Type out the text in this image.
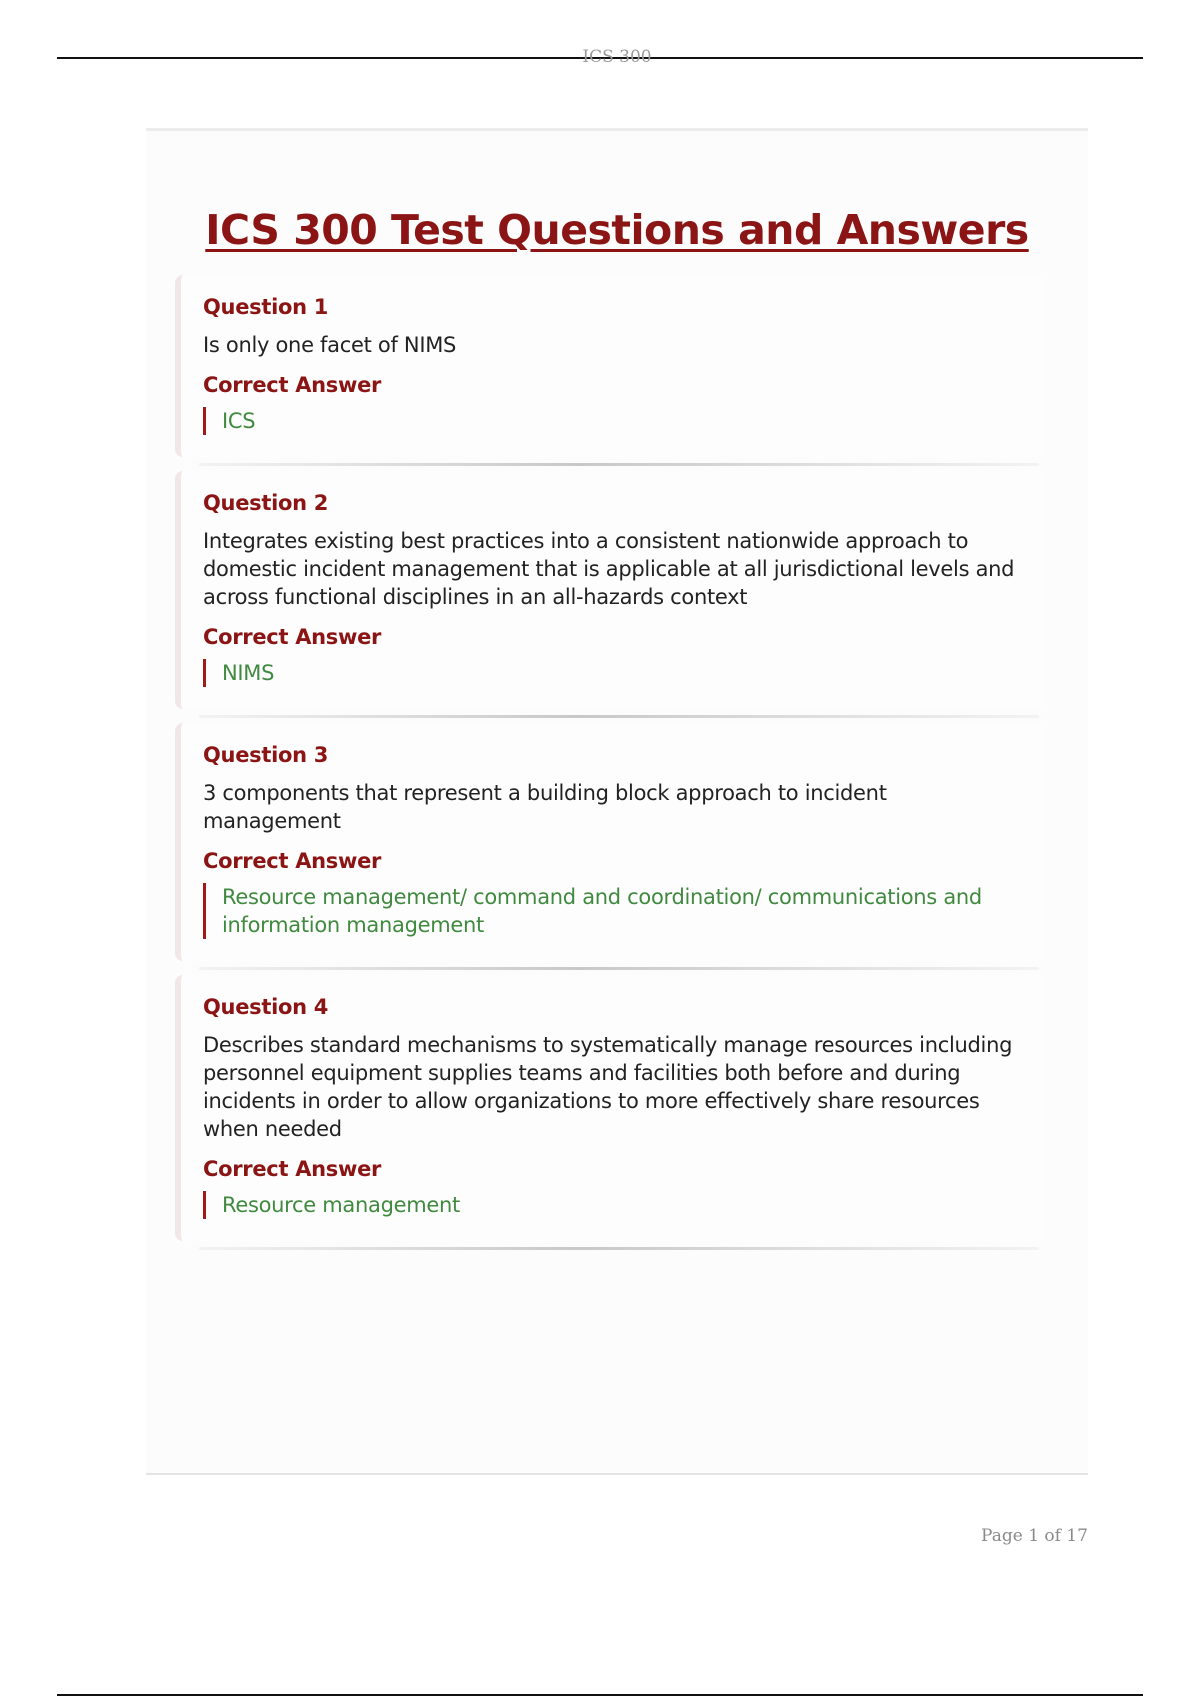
ICS 300
ICS 300 Test Questions and Answers
Question 1
Is only one facet of NIMS
Correct Answer
ICS
Question 2
Integrates existing best practices into a consistent nationwide approach to domestic incident management that is applicable at all jurisdictional levels and across functional disciplines in an all-hazards context
Correct Answer
NIMS
Question 3
3 components that represent a building block approach to incident management
Correct Answer
Resource management/ command and coordination/ communications and information management
Question 4
Describes standard mechanisms to systematically manage resources including personnel equipment supplies teams and facilities both before and during incidents in order to allow organizations to more effectively share resources when needed
Correct Answer
Resource management
Page 1 of 17
